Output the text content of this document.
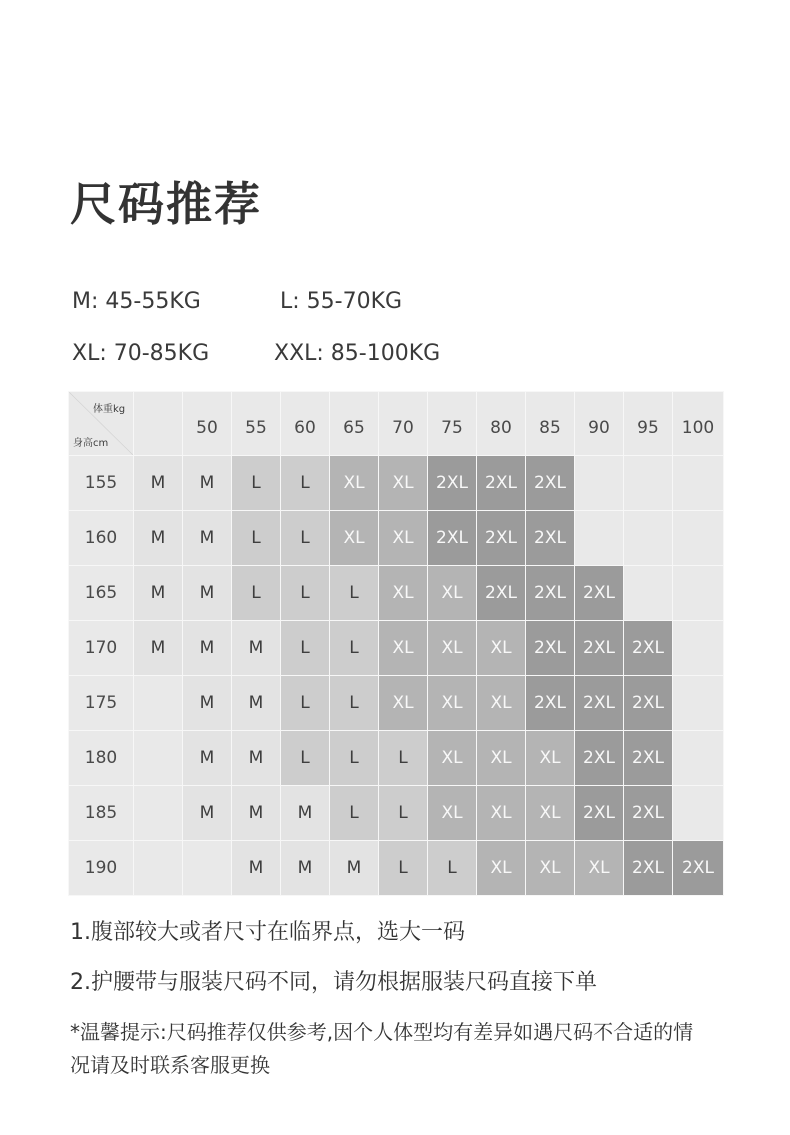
尺码推荐
M: 45-55KG	L: 55-70KG
XL: 70-85KG	XXL: 85-100KG
体重kg
身高cm		50	55	60	65	70	75	80	85	90	95	100
155	M	M	L	L	XL	XL	2XL	2XL	2XL			
160	M	M	L	L	XL	XL	2XL	2XL	2XL			
165	M	M	L	L	L	XL	XL	2XL	2XL	2XL		
170	M	M	M	L	L	XL	XL	XL	2XL	2XL	2XL	
175		M	M	L	L	XL	XL	XL	2XL	2XL	2XL	
180		M	M	L	L	L	XL	XL	XL	2XL	2XL	
185		M	M	M	L	L	XL	XL	XL	2XL	2XL	
190			M	M	M	L	L	XL	XL	XL	2XL	2XL
1.腹部较大或者尺寸在临界点，选大一码
2.护腰带与服装尺码不同，请勿根据服装尺码直接下单
*温馨提示:尺码推荐仅供参考,因个人体型均有差异如遇尺码不合适的情况请及时联系客服更换
